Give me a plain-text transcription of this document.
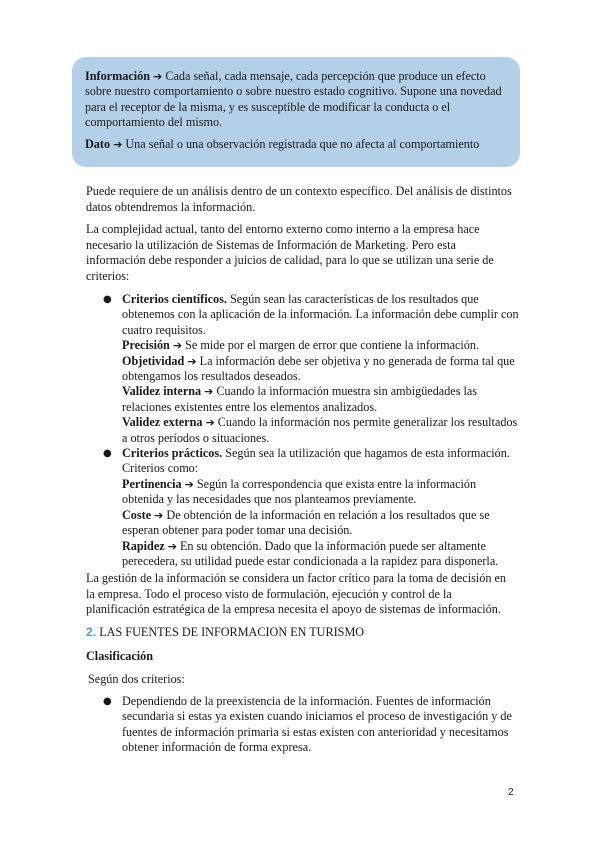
Información ➔ Cada señal, cada mensaje, cada percepción que produce un efecto sobre nuestro comportamiento o sobre nuestro estado cognitivo. Supone una novedad para el receptor de la misma, y es susceptible de modificar la conducta o el comportamiento del mismo.

Dato ➔ Una señal o una observación registrada que no afecta al comportamiento

Puede requiere de un análisis dentro de un contexto específico. Del análisis de distintos datos obtendremos la información.

La complejidad actual, tanto del entorno externo como interno a la empresa hace necesario la utilización de Sistemas de Información de Marketing. Pero esta información debe responder a juicios de calidad, para lo que se utilizan una serie de criterios:

● Criterios científicos. Según sean las características de los resultados que obtenemos con la aplicación de la información. La información debe cumplir con cuatro requisitos.
Precisión ➔ Se mide por el margen de error que contiene la información.
Objetividad ➔ La información debe ser objetiva y no generada de forma tal que obtengamos los resultados deseados.
Validez interna ➔ Cuando la información muestra sin ambigüedades las relaciones existentes entre los elementos analizados.
Validez externa ➔ Cuando la información nos permite generalizar los resultados a otros períodos o situaciones.
● Criterios prácticos. Según sea la utilización que hagamos de esta información. Criterios como:
Pertinencia ➔ Según la correspondencia que exista entre la información obtenida y las necesidades que nos planteamos previamente.
Coste ➔ De obtención de la información en relación a los resultados que se esperan obtener para poder tomar una decisión.
Rapidez ➔ En su obtención. Dado que la información puede ser altamente perecedera, su utilidad puede estar condicionada a la rapidez para disponerla.

La gestión de la información se considera un factor crítico para la toma de decisión en la empresa. Todo el proceso visto de formulación, ejecución y control de la planificación estratégica de la empresa necesita el apoyo de sistemas de información.

2. LAS FUENTES DE INFORMACION EN TURISMO
Clasificación

Según dos criterios:

● Dependiendo de la preexistencia de la información. Fuentes de información secundaria si estas ya existen cuando iniciamos el proceso de investigación y de fuentes de información primaria si estas existen con anterioridad y necesitamos obtener información de forma expresa.
2
